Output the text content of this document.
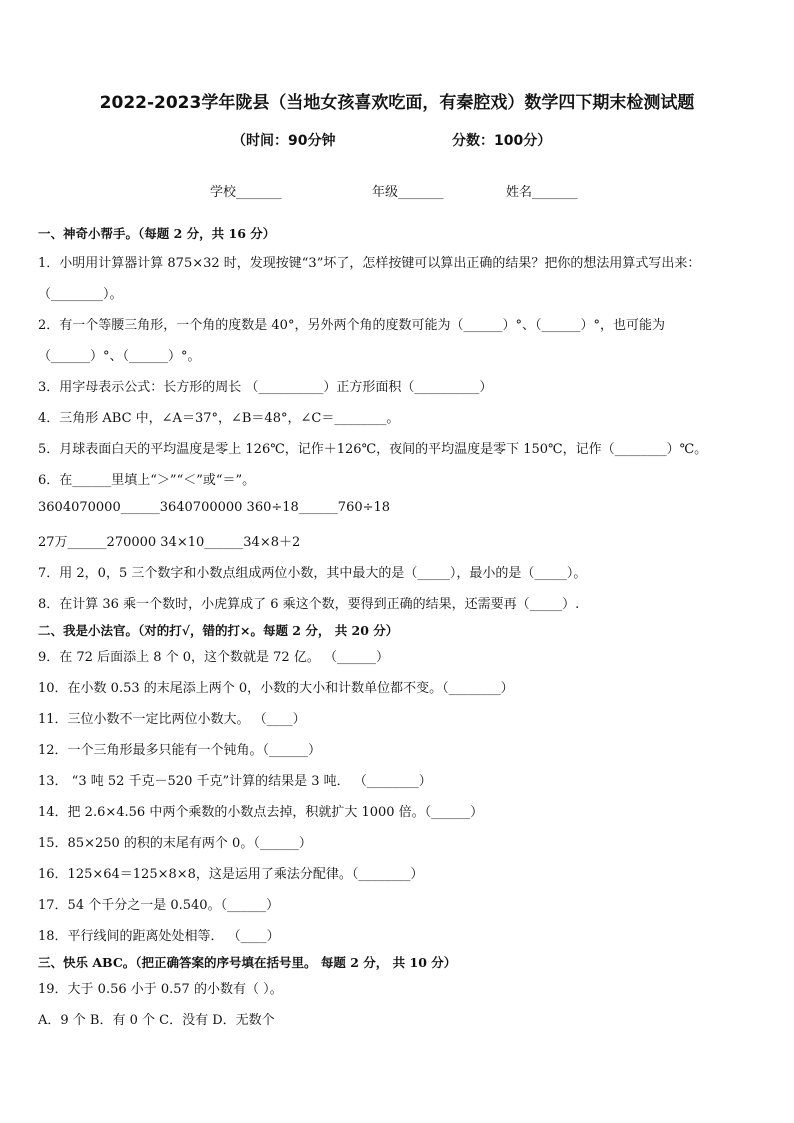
2022-2023学年陇县（当地女孩喜欢吃面，有秦腔戏）数学四下期末检测试题
（时间：90分钟	分数：100分）
学校_______	年级_______	姓名_______
一、神奇小帮手。（每题 2 分，共 16 分）
1．小明用计算器计算 875×32 时，发现按键“3”坏了，怎样按键可以算出正确的结果？把你的想法用算式写出来：
（________）。
2．有一个等腰三角形，一个角的度数是 40°，另外两个角的度数可能为（______）°、（______）°，也可能为
（______）°、（______）°。
3．用字母表示公式：长方形的周长 （__________）正方形面积（__________）
4．三角形 ABC 中，∠A＝37°，∠B＝48°，∠C＝________。
5．月球表面白天的平均温度是零上 126℃，记作＋126℃，夜间的平均温度是零下 150℃，记作（________）℃。
6．在______里填上“＞”“＜”或“＝”。
3604070000______3640700000 360÷18______760÷18
27万______270000 34×10______34×8＋2
7．用 2，0，5 三个数字和小数点组成两位小数，其中最大的是（_____），最小的是（_____）。
8．在计算 36 乘一个数时，小虎算成了 6 乘这个数，要得到正确的结果，还需要再（_____）.
二、我是小法官。（对的打√，错的打×。每题 2 分， 共 20 分）
9．在 72 后面添上 8 个 0，这个数就是 72 亿。 （______）
10．在小数 0.53 的末尾添上两个 0，小数的大小和计数单位都不变。（________）
11．三位小数不一定比两位小数大。 （____）
12．一个三角形最多只能有一个钝角。（______）
13． “3 吨 52 千克－520 千克”计算的结果是 3 吨． （________）
14．把 2.6×4.56 中两个乘数的小数点去掉，积就扩大 1000 倍。（______）
15．85×250 的积的末尾有两个 0。（______）
16．125×64＝125×8×8，这是运用了乘法分配律。（________）
17．54 个千分之一是 0.540。（______）
18．平行线间的距离处处相等． （____）
三、快乐 ABC。（把正确答案的序号填在括号里。 每题 2 分， 共 10 分）
19．大于 0.56 小于 0.57 的小数有（ ）。
A．9 个 B．有 0 个 C．没有 D．无数个
